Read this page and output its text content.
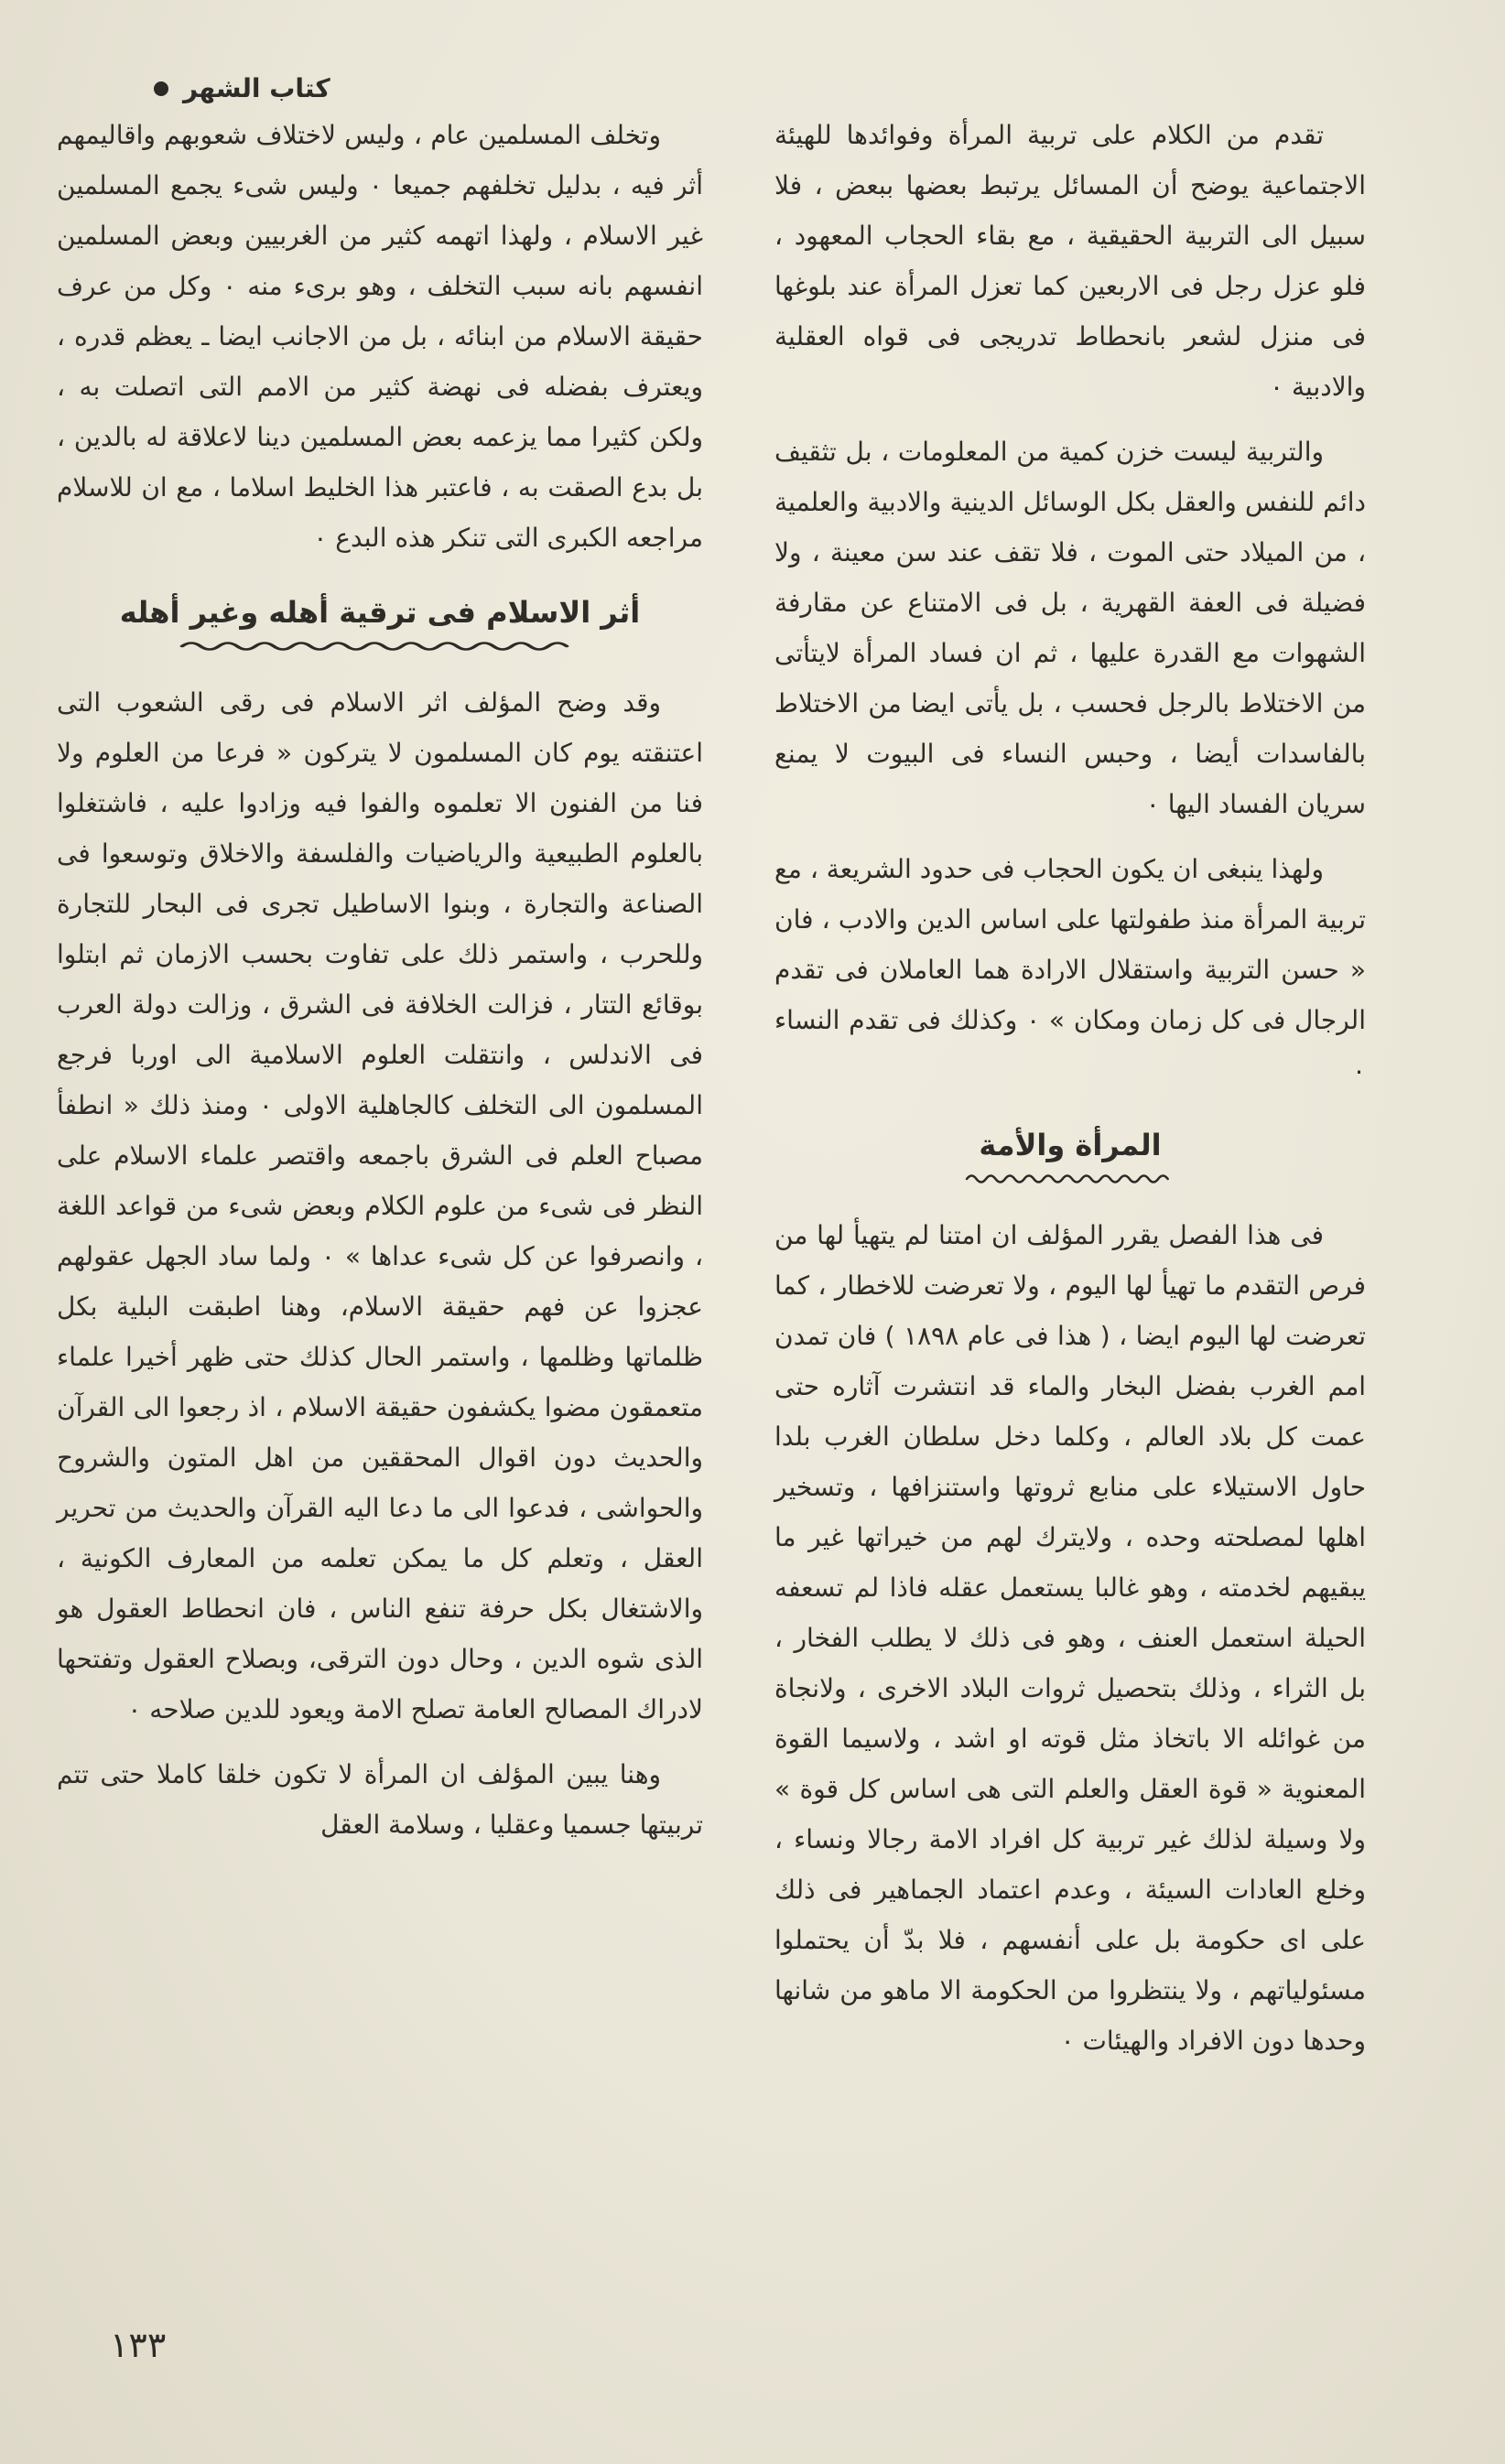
كتاب الشهر

تقدم من الكلام على تربية المرأة وفوائدها للهيئة الاجتماعية يوضح أن المسائل يرتبط بعضها ببعض ، فلا سبيل الى التربية الحقيقية ، مع بقاء الحجاب المعهود ، فلو عزل رجل فى الاربعين كما تعزل المرأة عند بلوغها فى منزل لشعر بانحطاط تدريجى فى قواه العقلية والادبية ٠

والتربية ليست خزن كمية من المعلومات ، بل تثقيف دائم للنفس والعقل بكل الوسائل الدينية والادبية والعلمية ، من الميلاد حتى الموت ، فلا تقف عند سن معينة ، ولا فضيلة فى العفة القهرية ، بل فى الامتناع عن مقارفة الشهوات مع القدرة عليها ، ثم ان فساد المرأة لايتأتى من الاختلاط بالرجل فحسب ، بل يأتى ايضا من الاختلاط بالفاسدات أيضا ، وحبس النساء فى البيوت لا يمنع سريان الفساد اليها ٠

ولهذا ينبغى ان يكون الحجاب فى حدود الشريعة ، مع تربية المرأة منذ طفولتها على اساس الدين والادب ، فان « حسن التربية واستقلال الارادة هما العاملان فى تقدم الرجال فى كل زمان ومكان » ٠ وكذلك فى تقدم النساء ٠

المرأة والأمة

فى هذا الفصل يقرر المؤلف ان امتنا لم يتهيأ لها من فرص التقدم ما تهيأ لها اليوم ، ولا تعرضت للاخطار ، كما تعرضت لها اليوم ايضا ، ( هذا فى عام ١٨٩٨ ) فان تمدن امم الغرب بفضل البخار والماء قد انتشرت آثاره حتى عمت كل بلاد العالم ، وكلما دخل سلطان الغرب بلدا حاول الاستيلاء على منابع ثروتها واستنزافها ، وتسخير اهلها لمصلحته وحده ، ولايترك لهم من خيراتها غير ما يبقيهم لخدمته ، وهو غالبا يستعمل عقله فاذا لم تسعفه الحيلة استعمل العنف ، وهو فى ذلك لا يطلب الفخار ، بل الثراء ، وذلك بتحصيل ثروات البلاد الاخرى ، ولانجاة من غوائله الا باتخاذ مثل قوته او اشد ، ولاسيما القوة المعنوية « قوة العقل والعلم التى هى اساس كل قوة » ولا وسيلة لذلك غير تربية كل افراد الامة رجالا ونساء ، وخلع العادات السيئة ، وعدم اعتماد الجماهير فى ذلك على اى حكومة بل على أنفسهم ، فلا بدّ أن يحتملوا مسئولياتهم ، ولا ينتظروا من الحكومة الا ماهو من شانها وحدها دون الافراد والهيئات ٠

وتخلف المسلمين عام ، وليس لاختلاف شعوبهم واقاليمهم أثر فيه ، بدليل تخلفهم جميعا ٠ وليس شىء يجمع المسلمين غير الاسلام ، ولهذا اتهمه كثير من الغربيين وبعض المسلمين انفسهم بانه سبب التخلف ، وهو برىء منه ٠ وكل من عرف حقيقة الاسلام من ابنائه ، بل من الاجانب ايضا ـ يعظم قدره ، ويعترف بفضله فى نهضة كثير من الامم التى اتصلت به ، ولكن كثيرا مما يزعمه بعض المسلمين دينا لاعلاقة له بالدين ، بل بدع الصقت به ، فاعتبر هذا الخليط اسلاما ، مع ان للاسلام مراجعه الكبرى التى تنكر هذه البدع ٠

أثر الاسلام فى ترقية أهله وغير أهله

وقد وضح المؤلف اثر الاسلام فى رقى الشعوب التى اعتنقته يوم كان المسلمون لا يتركون « فرعا من العلوم ولا فنا من الفنون الا تعلموه والفوا فيه وزادوا عليه ، فاشتغلوا بالعلوم الطبيعية والرياضيات والفلسفة والاخلاق وتوسعوا فى الصناعة والتجارة ، وبنوا الاساطيل تجرى فى البحار للتجارة وللحرب ، واستمر ذلك على تفاوت بحسب الازمان ثم ابتلوا بوقائع التتار ، فزالت الخلافة فى الشرق ، وزالت دولة العرب فى الاندلس ، وانتقلت العلوم الاسلامية الى اوربا فرجع المسلمون الى التخلف كالجاهلية الاولى ٠ ومنذ ذلك « انطفأ مصباح العلم فى الشرق باجمعه واقتصر علماء الاسلام على النظر فى شىء من علوم الكلام وبعض شىء من قواعد اللغة ، وانصرفوا عن كل شىء عداها » ٠ ولما ساد الجهل عقولهم عجزوا عن فهم حقيقة الاسلام، وهنا اطبقت البلية بكل ظلماتها وظلمها ، واستمر الحال كذلك حتى ظهر أخيرا علماء متعمقون مضوا يكشفون حقيقة الاسلام ، اذ رجعوا الى القرآن والحديث دون اقوال المحققين من اهل المتون والشروح والحواشى ، فدعوا الى ما دعا اليه القرآن والحديث من تحرير العقل ، وتعلم كل ما يمكن تعلمه من المعارف الكونية ، والاشتغال بكل حرفة تنفع الناس ، فان انحطاط العقول هو الذى شوه الدين ، وحال دون الترقى، وبصلاح العقول وتفتحها لادراك المصالح العامة تصلح الامة ويعود للدين صلاحه ٠

وهنا يبين المؤلف ان المرأة لا تكون خلقا كاملا حتى تتم تربيتها جسميا وعقليا ، وسلامة العقل

١٣٣
